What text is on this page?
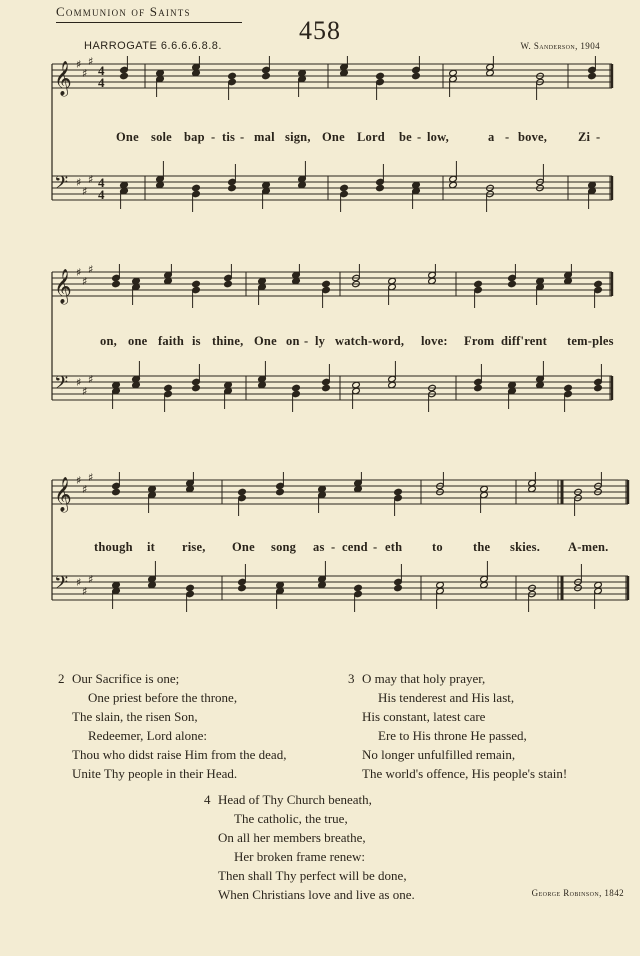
Communion of Saints
458
HARROGATE 6.6.6.6.8.8.	W. Sanderson, 1904
𝄞 ♯
♯
♯
4
4
𝄢 ♯
♯
♯ 4
4
One sole bap - tis - mal sign, One Lord be - low,	a - bove, Zi -
𝄞 ♯
♯
♯
𝄢 ♯
♯
♯
on, one faith is thine, One on - ly watch-word, love: From diff'rent tem-ples
𝄞 ♯
♯
♯
𝄢 ♯
♯
♯
though it rise, One song as - cend - eth to the skies. A-men.
2 Our Sacrifice is one;
One priest before the throne,
The slain, the risen Son,
Redeemer, Lord alone:
Thou who didst raise Him from the dead,
Unite Thy people in their Head.
3 O may that holy prayer,
His tenderest and His last,
His constant, latest care
Ere to His throne He passed,
No longer unfulfilled remain,
The world's offence, His people's stain!
4 Head of Thy Church beneath,
The catholic, the true,
On all her members breathe,
Her broken frame renew:
Then shall Thy perfect will be done,
When Christians love and live as one.	George Robinson, 1842
